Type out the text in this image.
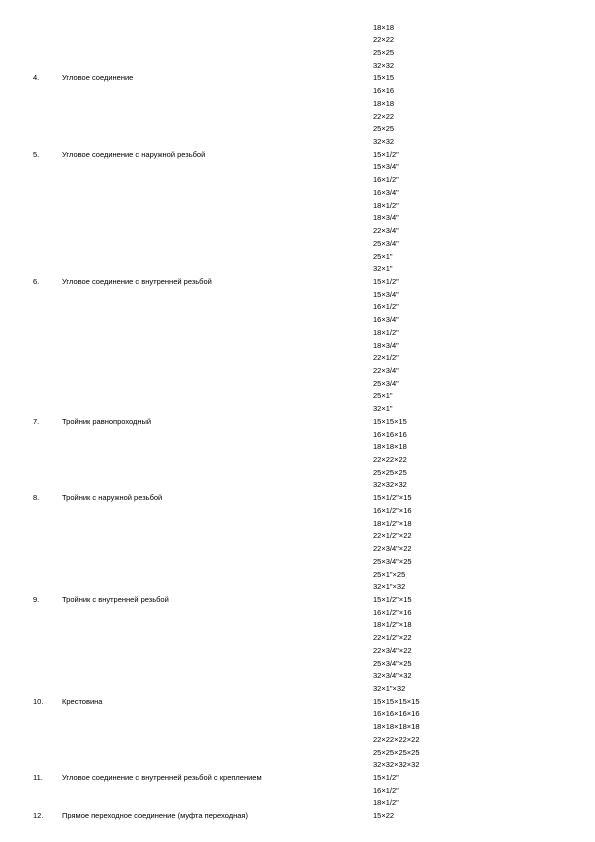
18×18
22×22
25×25
32×32
4.	Угловое соединение	15×15
16×16
18×18
22×22
25×25
32×32
5.	Угловое соединение с наружной резьбой	15×1/2"
15×3/4"
16×1/2"
16×3/4"
18×1/2"
18×3/4"
22×3/4"
25×3/4"
25×1"
32×1"
6.	Угловое соединение с внутренней резьбой	15×1/2"
15×3/4"
16×1/2"
16×3/4"
18×1/2"
18×3/4"
22×1/2"
22×3/4"
25×3/4"
25×1"
32×1"
7.	Тройник равнопроходный	15×15×15
16×16×16
18×18×18
22×22×22
25×25×25
32×32×32
8.	Тройник с наружной резьбой	15×1/2"×15
16×1/2"×16
18×1/2"×18
22×1/2"×22
22×3/4"×22
25×3/4"×25
25×1"×25
32×1"×32
9.	Тройник с внутренней резьбой	15×1/2"×15
16×1/2"×16
18×1/2"×18
22×1/2"×22
22×3/4"×22
25×3/4"×25
32×3/4"×32
32×1"×32
10. Крестовина	15×15×15×15
16×16×16×16
18×18×18×18
22×22×22×22
25×25×25×25
32×32×32×32
11.	Угловое соединение с внутренней резьбой с креплением	15×1/2"
16×1/2"
18×1/2"
12. Прямое переходное соединение (муфта переходная)	15×22
